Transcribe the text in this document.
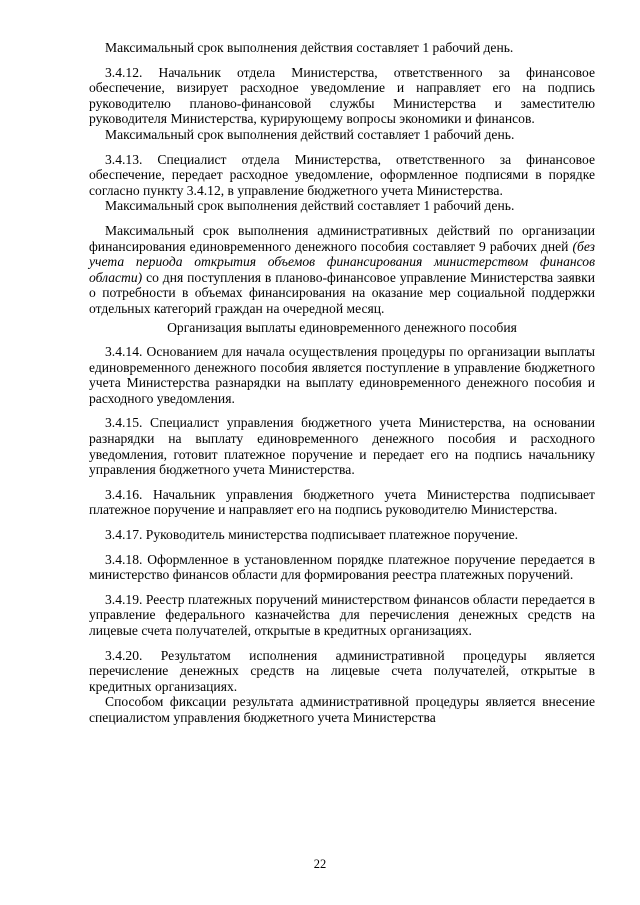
Максимальный срок выполнения действия составляет 1 рабочий день.

3.4.12. Начальник отдела Министерства, ответственного за финансовое обеспечение, визирует расходное уведомление и направляет его на подпись руководителю планово-финансовой службы Министерства и заместителю руководителя Министерства, курирующему вопросы экономики и финансов.

Максимальный срок выполнения действий составляет 1 рабочий день.

3.4.13. Специалист отдела Министерства, ответственного за финансовое обеспечение, передает расходное уведомление, оформленное подписями в порядке согласно пункту 3.4.12, в управление бюджетного учета Министерства.

Максимальный срок выполнения действий составляет 1 рабочий день.

Максимальный срок выполнения административных действий по организации финансирования единовременного денежного пособия составляет 9 рабочих дней (без учета периода открытия объемов финансирования министерством финансов области) со дня поступления в планово-финансовое управление Министерства заявки о потребности в объемах финансирования на оказание мер социальной поддержки отдельных категорий граждан на очередной месяц.

Организация выплаты единовременного денежного пособия

3.4.14. Основанием для начала осуществления процедуры по организации выплаты единовременного денежного пособия является поступление в управление бюджетного учета Министерства разнарядки на выплату единовременного денежного пособия и расходного уведомления.

3.4.15. Специалист управления бюджетного учета Министерства, на основании разнарядки на выплату единовременного денежного пособия и расходного уведомления, готовит платежное поручение и передает его на подпись начальнику управления бюджетного учета Министерства.

3.4.16. Начальник управления бюджетного учета Министерства подписывает платежное поручение и направляет его на подпись руководителю Министерства.

3.4.17. Руководитель министерства подписывает платежное поручение.

3.4.18. Оформленное в установленном порядке платежное поручение передается в министерство финансов области для формирования реестра платежных поручений.

3.4.19. Реестр платежных поручений министерством финансов области передается в управление федерального казначейства для перечисления денежных средств на лицевые счета получателей, открытые в кредитных организациях.

3.4.20. Результатом исполнения административной процедуры является перечисление денежных средств на лицевые счета получателей, открытые в кредитных организациях.

Способом фиксации результата административной процедуры является внесение специалистом управления бюджетного учета Министерства

22
